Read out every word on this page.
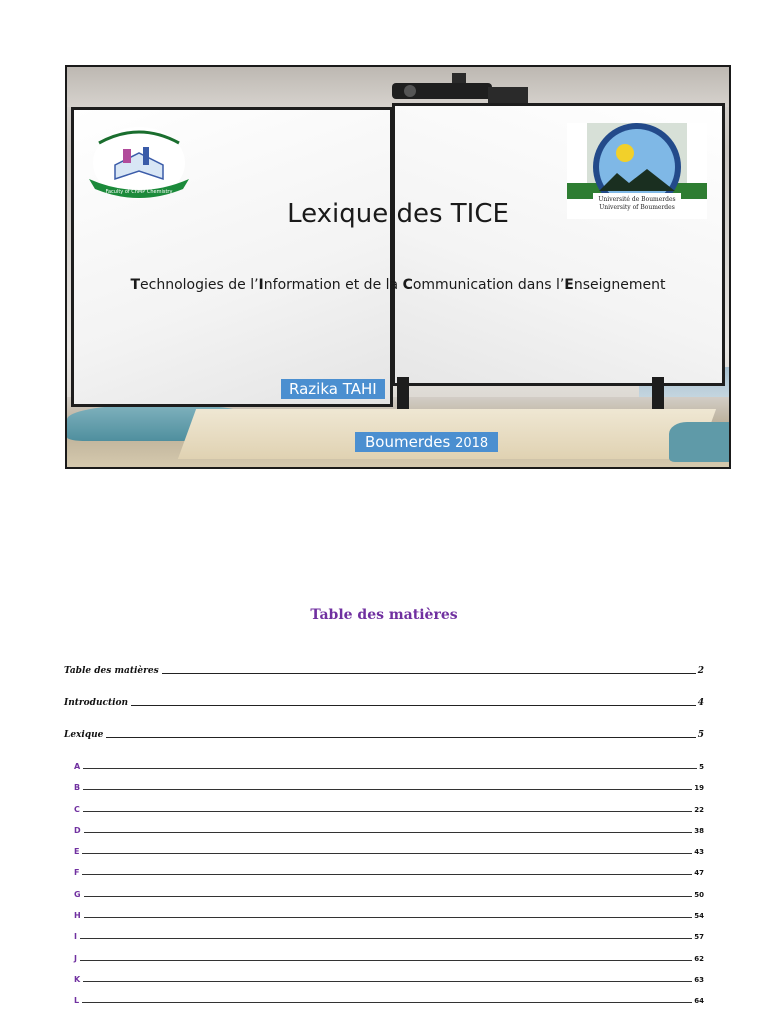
Faculty of ChMP Chemistry
Université de Boumerdes
University of Boumerdes
Lexique des TICE
Technologies de l’Information et de la Communication dans l’Enseignement
Razika TAHI
Boumerdes 2018
Table des matières
Table des matières	2
Introduction	4
Lexique	5
A	5
B	19
C	22
D	38
E	43
F	47
G	50
H	54
I	57
J	62
K	63
L	64
